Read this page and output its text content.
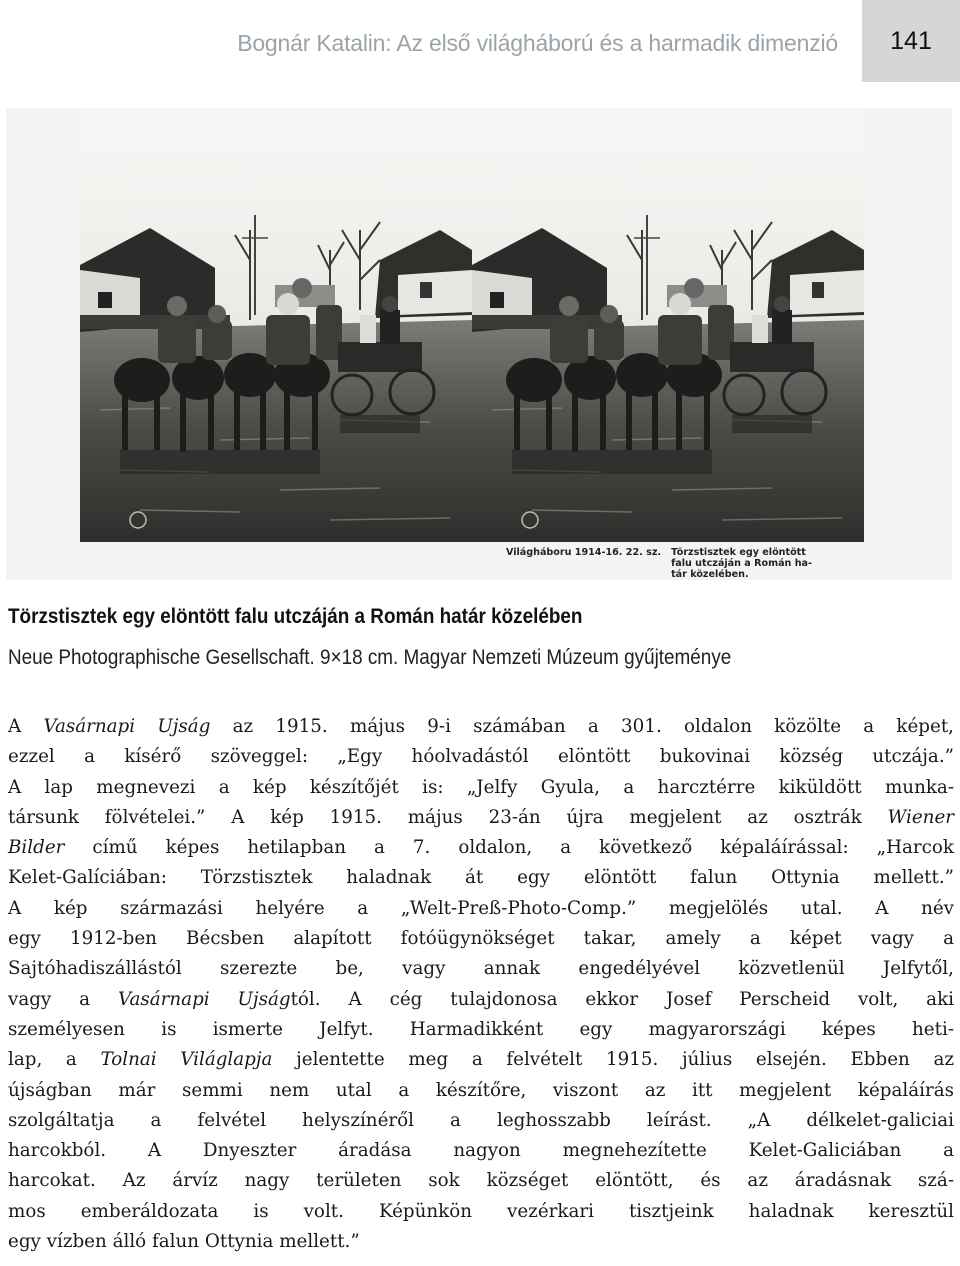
Bognár Katalin: Az első világháború és a harmadik dimenzió 141
Világháboru 1914-16. 22. sz. Törzstisztek egy elöntött
falu utczáján a Román ha-
tár közelében.
Törzstisztek egy elöntött falu utczáján a Román határ közelében
Neue Photographische Gesellschaft. 9×18 cm. Magyar Nemzeti Múzeum gyűjteménye
A Vasárnapi Ujság az 1915. május 9-i számában a 301. oldalon közölte a képet,
ezzel a kísérő szöveggel: „Egy hóolvadástól elöntött bukovinai község utczája.”
A lap megnevezi a kép készítőjét is: „Jelfy Gyula, a harcztérre kiküldött munka-
társunk fölvételei.” A kép 1915. május 23-án újra megjelent az osztrák Wiener
Bilder című képes hetilapban a 7. oldalon, a következő képaláírással: „Harcok
Kelet-Galíciában: Törzstisztek haladnak át egy elöntött falun Ottynia mellett.”
A kép származási helyére a „Welt-Preß-Photo-Comp.” megjelölés utal. A név
egy 1912-ben Bécsben alapított fotóügynökséget takar, amely a képet vagy a
Sajtóhadiszállástól szerezte be, vagy annak engedélyével közvetlenül Jelfytől,
vagy a Vasárnapi Ujságtól. A cég tulajdonosa ekkor Josef Perscheid volt, aki
személyesen is ismerte Jelfyt. Harmadikként egy magyarországi képes heti-
lap, a Tolnai Világlapja jelentette meg a felvételt 1915. július elsején. Ebben az
újságban már semmi nem utal a készítőre, viszont az itt megjelent képaláírás
szolgáltatja a felvétel helyszínéről a leghosszabb leírást. „A délkelet-galiciai
harcokból. A Dnyeszter áradása nagyon megnehezítette Kelet-Galiciában a
harcokat. Az árvíz nagy területen sok községet elöntött, és az áradásnak szá-
mos emberáldozata is volt. Képünkön vezérkari tisztjeink haladnak keresztül
egy vízben álló falun Ottynia mellett.”
